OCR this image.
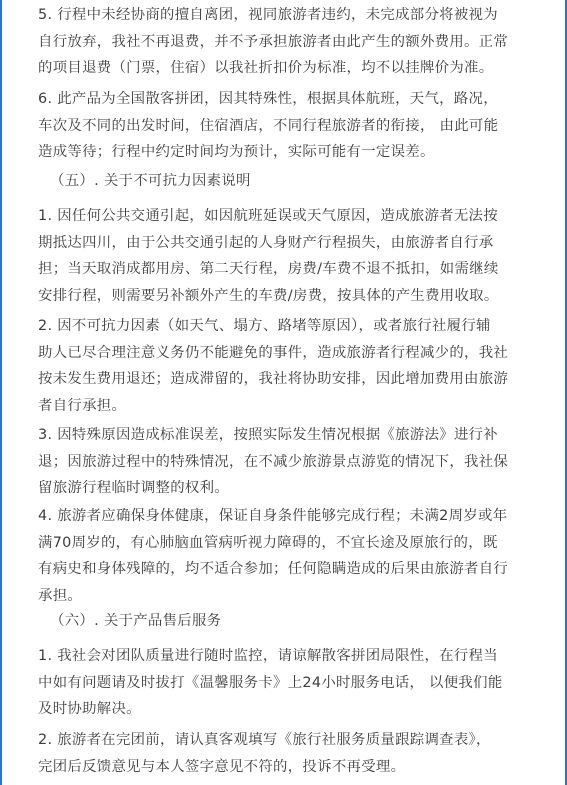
5. 行程中未经协商的擅自离团，视同旅游者违约，未完成部分将被视为
自行放弃，我社不再退费，并不予承担旅游者由此产生的额外费用。正常
的项目退费（门票，住宿）以我社折扣价为标准，均不以挂牌价为准。
6. 此产品为全国散客拼团，因其特殊性，根据具体航班，天气，路况，
车次及不同的出发时间，住宿酒店，不同行程旅游者的衔接， 由此可能
造成等待；行程中约定时间均为预计，实际可能有一定误差。
（五）. 关于不可抗力因素说明
1. 因任何公共交通引起，如因航班延误或天气原因，造成旅游者无法按
期抵达四川，由于公共交通引起的人身财产行程损失，由旅游者自行承
担；当天取消成都用房、第二天行程，房费/车费不退不抵扣，如需继续
安排行程，则需要另补额外产生的车费/房费，按具体的产生费用收取。
2. 因不可抗力因素（如天气、塌方、路堵等原因），或者旅行社履行辅
助人已尽合理注意义务仍不能避免的事件，造成旅游者行程减少的，我社
按未发生费用退还；造成滞留的，我社将协助安排，因此增加费用由旅游
者自行承担。
3. 因特殊原因造成标准误差，按照实际发生情况根据《旅游法》进行补
退；因旅游过程中的特殊情况，在不减少旅游景点游览的情况下，我社保
留旅游行程临时调整的权利。
4. 旅游者应确保身体健康，保证自身条件能够完成行程；未满2周岁或年
满70周岁的，有心肺脑血管病听视力障碍的，不宜长途及原旅行的，既
有病史和身体残障的，均不适合参加；任何隐瞒造成的后果由旅游者自行
承担。
（六）. 关于产品售后服务
1. 我社会对团队质量进行随时监控，请谅解散客拼团局限性，在行程当
中如有问题请及时拔打《温馨服务卡》上24小时服务电话， 以便我们能
及时协助解决。
2. 旅游者在完团前，请认真客观填写《旅行社服务质量跟踪调查表》，
完团后反馈意见与本人签字意见不符的，投诉不再受理。
